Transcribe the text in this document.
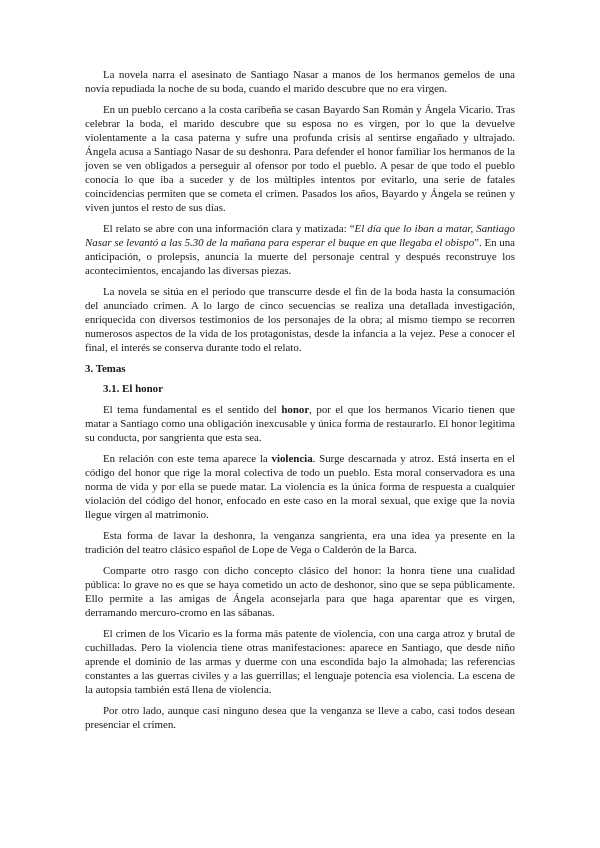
La novela narra el asesinato de Santiago Nasar a manos de los hermanos gemelos de una novia repudiada la noche de su boda, cuando el marido descubre que no era virgen.

En un pueblo cercano a la costa caribeña se casan Bayardo San Román y Ángela Vicario. Tras celebrar la boda, el marido descubre que su esposa no es virgen, por lo que la devuelve violentamente a la casa paterna y sufre una profunda crisis al sentirse engañado y ultrajado. Ángela acusa a Santiago Nasar de su deshonra. Para defender el honor familiar los hermanos de la joven se ven obligados a perseguir al ofensor por todo el pueblo. A pesar de que todo el pueblo conocía lo que iba a suceder y de los múltiples intentos por evitarlo, una serie de fatales coincidencias permiten que se cometa el crimen. Pasados los años, Bayardo y Ángela se reúnen y viven juntos el resto de sus días.

El relato se abre con una información clara y matizada: “El día que lo iban a matar, Santiago Nasar se levantó a las 5.30 de la mañana para esperar el buque en que llegaba el obispo”. En una anticipación, o prolepsis, anuncia la muerte del personaje central y después reconstruye los acontecimientos, encajando las diversas piezas.

La novela se sitúa en el periodo que transcurre desde el fin de la boda hasta la consumación del anunciado crimen. A lo largo de cinco secuencias se realiza una detallada investigación, enriquecida con diversos testimonios de los personajes de la obra; al mismo tiempo se recorren numerosos aspectos de la vida de los protagonistas, desde la infancia a la vejez. Pese a conocer el final, el interés se conserva durante todo el relato.

3. Temas
3.1. El honor

El tema fundamental es el sentido del honor, por el que los hermanos Vicario tienen que matar a Santiago como una obligación inexcusable y única forma de restaurarlo. El honor legitima su conducta, por sangrienta que esta sea.

En relación con este tema aparece la violencia. Surge descarnada y atroz. Está inserta en el código del honor que rige la moral colectiva de todo un pueblo. Esta moral conservadora es una norma de vida y por ella se puede matar. La violencia es la única forma de respuesta a cualquier violación del código del honor, enfocado en este caso en la moral sexual, que exige que la novia llegue virgen al matrimonio.

Esta forma de lavar la deshonra, la venganza sangrienta, era una idea ya presente en la tradición del teatro clásico español de Lope de Vega o Calderón de la Barca.

Comparte otro rasgo con dicho concepto clásico del honor: la honra tiene una cualidad pública: lo grave no es que se haya cometido un acto de deshonor, sino que se sepa públicamente. Ello permite a las amigas de Ángela aconsejarla para que haga aparentar que es virgen, derramando mercuro-cromo en las sábanas.

El crimen de los Vicario es la forma más patente de violencia, con una carga atroz y brutal de cuchilladas. Pero la violencia tiene otras manifestaciones: aparece en Santiago, que desde niño aprende el dominio de las armas y duerme con una escondida bajo la almohada; las referencias constantes a las guerras civiles y a las guerrillas; el lenguaje potencia esa violencia. La escena de la autopsia también está llena de violencia.

Por otro lado, aunque casi ninguno desea que la venganza se lleve a cabo, casi todos desean presenciar el crimen.
